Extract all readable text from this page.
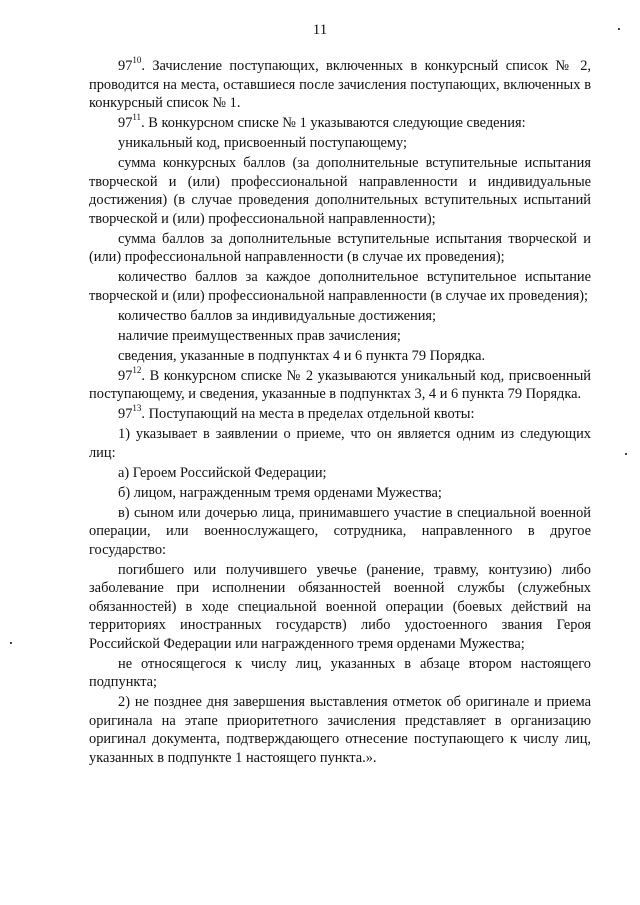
11

$97^{10}$. Зачисление поступающих, включенных в конкурсный список № 2, проводится на места, оставшиеся после зачисления поступающих, включенных в конкурсный список № 1.

$97^{11}$. В конкурсном списке № 1 указываются следующие сведения:

уникальный код, присвоенный поступающему;

сумма конкурсных баллов (за дополнительные вступительные испытания творческой и (или) профессиональной направленности и индивидуальные достижения) (в случае проведения дополнительных вступительных испытаний творческой и (или) профессиональной направленности);

сумма баллов за дополнительные вступительные испытания творческой и (или) профессиональной направленности (в случае их проведения);

количество баллов за каждое дополнительное вступительное испытание творческой и (или) профессиональной направленности (в случае их проведения);

количество баллов за индивидуальные достижения;

наличие преимущественных прав зачисления;

сведения, указанные в подпунктах 4 и 6 пункта 79 Порядка.

$97^{12}$. В конкурсном списке № 2 указываются уникальный код, присвоенный поступающему, и сведения, указанные в подпунктах 3, 4 и 6 пункта 79 Порядка.

$97^{13}$. Поступающий на места в пределах отдельной квоты:

1) указывает в заявлении о приеме, что он является одним из следующих лиц:

а) Героем Российской Федерации;

б) лицом, награжденным тремя орденами Мужества;

в) сыном или дочерью лица, принимавшего участие в специальной военной операции, или военнослужащего, сотрудника, направленного в другое государство:

погибшего или получившего увечье (ранение, травму, контузию) либо заболевание при исполнении обязанностей военной службы (служебных обязанностей) в ходе специальной военной операции (боевых действий на территориях иностранных государств) либо удостоенного звания Героя Российской Федерации или награжденного тремя орденами Мужества;

не относящегося к числу лиц, указанных в абзаце втором настоящего подпункта;

2) не позднее дня завершения выставления отметок об оригинале и приема оригинала на этапе приоритетного зачисления представляет в организацию оригинал документа, подтверждающего отнесение поступающего к числу лиц, указанных в подпункте 1 настоящего пункта.».
